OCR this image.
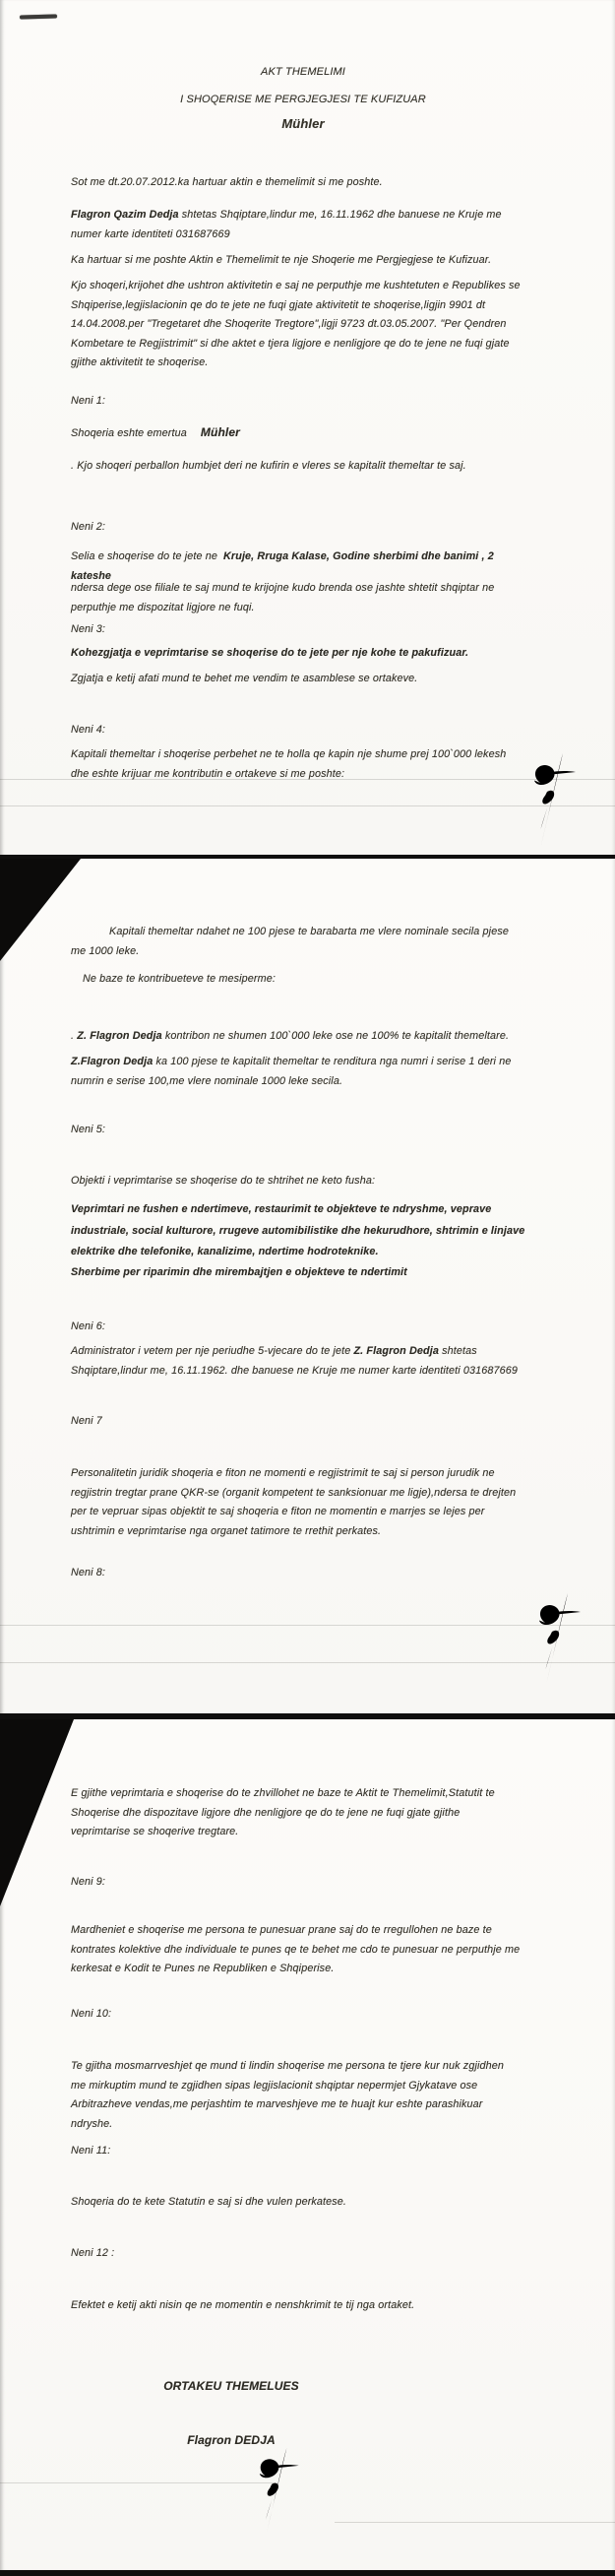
AKT THEMELIMI
I SHOQERISE ME PERGJEGJESI TE KUFIZUAR
Mühler
Sot me dt.20.07.2012.ka hartuar aktin e themelimit si me poshte.
Flagron Qazim Dedja shtetas Shqiptare,lindur me, 16.11.1962 dhe banuese ne Kruje me numer karte identiteti 031687669
Ka hartuar si me poshte Aktin e Themelimit te nje Shoqerie me Pergjegjese te Kufizuar.
Kjo shoqeri,krijohet dhe ushtron aktivitetin e saj ne perputhje me kushtetuten e Republikes se Shqiperise,legjislacionin qe do te jete ne fuqi gjate aktivitetit te shoqerise,ligjin 9901 dt 14.04.2008.per "Tregetaret dhe Shoqerite Tregtore",ligji 9723 dt.03.05.2007. "Per Qendren Kombetare te Regjistrimit" si dhe aktet e tjera ligjore e nenligjore qe do te jene ne fuqi gjate gjithe aktivitetit te shoqerise.
Neni 1:
Shoqeria eshte emertua Mühler
. Kjo shoqeri perballon humbjet deri ne kufirin e vleres se kapitalit themeltar te saj.
Neni 2:
Selia e shoqerise do te jete ne Kruje, Rruga Kalase, Godine sherbimi dhe banimi , 2 kateshe
ndersa dege ose filiale te saj mund te krijojne kudo brenda ose jashte shtetit shqiptar ne perputhje me dispozitat ligjore ne fuqi.
Neni 3:
Kohezgjatja e veprimtarise se shoqerise do te jete per nje kohe te pakufizuar.
Zgjatja e ketij afati mund te behet me vendim te asamblese se ortakeve.
Neni 4:
Kapitali themeltar i shoqerise perbehet ne te holla qe kapin nje shume prej 100`000 lekesh dhe eshte krijuar me kontributin e ortakeve si me poshte:
Kapitali themeltar ndahet ne 100 pjese te barabarta me vlere nominale secila pjese me 1000 leke.
Ne baze te kontribueteve te mesiperme:
. Z. Flagron Dedja kontribon ne shumen 100`000 leke ose ne 100% te kapitalit themeltare.
Z.Flagron Dedja ka 100 pjese te kapitalit themeltar te renditura nga numri i serise 1 deri ne numrin e serise 100,me vlere nominale 1000 leke secila.
Neni 5:
Objekti i veprimtarise se shoqerise do te shtrihet ne keto fusha:
Veprimtari ne fushen e ndertimeve, restaurimit te objekteve te ndryshme, veprave industriale, social kulturore, rrugeve automibilistike dhe hekurudhore, shtrimin e linjave elektrike dhe telefonike, kanalizime, ndertime hodroteknike.
Sherbime per riparimin dhe mirembajtjen e objekteve te ndertimit
Neni 6:
Administrator i vetem per nje periudhe 5-vjecare do te jete Z. Flagron Dedja shtetas Shqiptare,lindur me, 16.11.1962. dhe banuese ne Kruje me numer karte identiteti 031687669
Neni 7
Personalitetin juridik shoqeria e fiton ne momenti e regjistrimit te saj si person jurudik ne regjistrin tregtar prane QKR-se (organit kompetent te sanksionuar me ligje),ndersa te drejten per te vepruar sipas objektit te saj shoqeria e fiton ne momentin e marrjes se lejes per ushtrimin e veprimtarise nga organet tatimore te rrethit perkates.
Neni 8:
E gjithe veprimtaria e shoqerise do te zhvillohet ne baze te Aktit te Themelimit,Statutit te Shoqerise dhe dispozitave ligjore dhe nenligjore qe do te jene ne fuqi gjate gjithe veprimtarise se shoqerive tregtare.
Neni 9:
Mardheniet e shoqerise me persona te punesuar prane saj do te rregullohen ne baze te kontrates kolektive dhe individuale te punes qe te behet me cdo te punesuar ne perputhje me kerkesat e Kodit te Punes ne Republiken e Shqiperise.
Neni 10:
Te gjitha mosmarrveshjet qe mund ti lindin shoqerise me persona te tjere kur nuk zgjidhen me mirkuptim mund te zgjidhen sipas legjislacionit shqiptar nepermjet Gjykatave ose Arbitrazheve vendas,me perjashtim te marveshjeve me te huajt kur eshte parashikuar ndryshe.
Neni 11:
Shoqeria do te kete Statutin e saj si dhe vulen perkatese.
Neni 12 :
Efektet e ketij akti nisin qe ne momentin e nenshkrimit te tij nga ortaket.
ORTAKEU THEMELUES
Flagron DEDJA
